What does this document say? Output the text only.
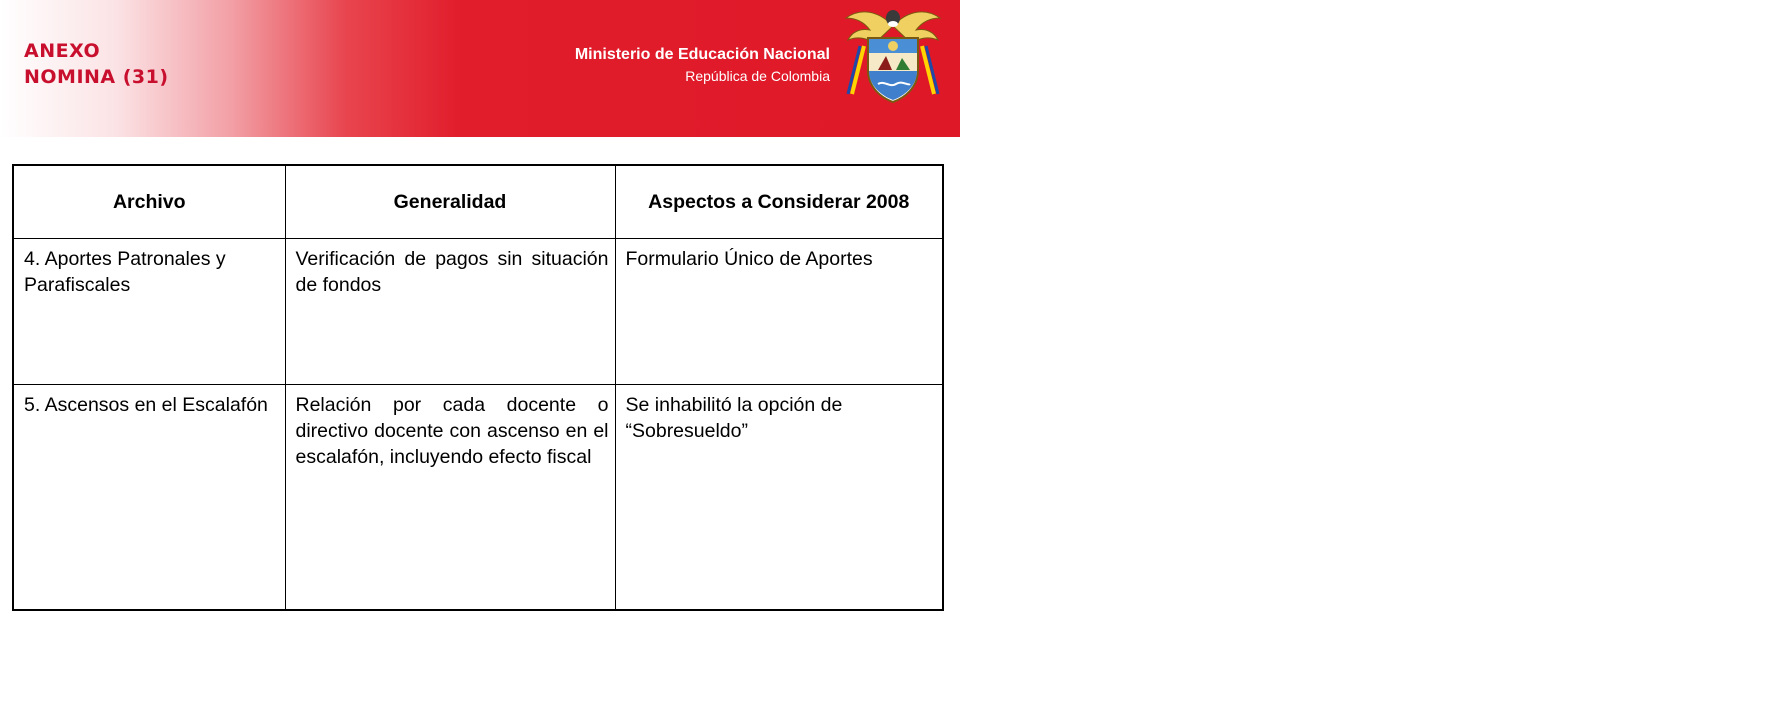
ANEXO
NOMINA (31)
Ministerio de Educación Nacional
República de Colombia
Libertad y Orden
Archivo	Generalidad	Aspectos a Considerar 2008
4. Aportes Patronales y Parafiscales	Verificación de pagos sin situación de fondos	Formulario Único de Aportes
5. Ascensos en el Escalafón	Relación por cada docente o directivo docente con ascenso en el escalafón, incluyendo efecto fiscal	Se inhabilitó la opción de “Sobresueldo”
